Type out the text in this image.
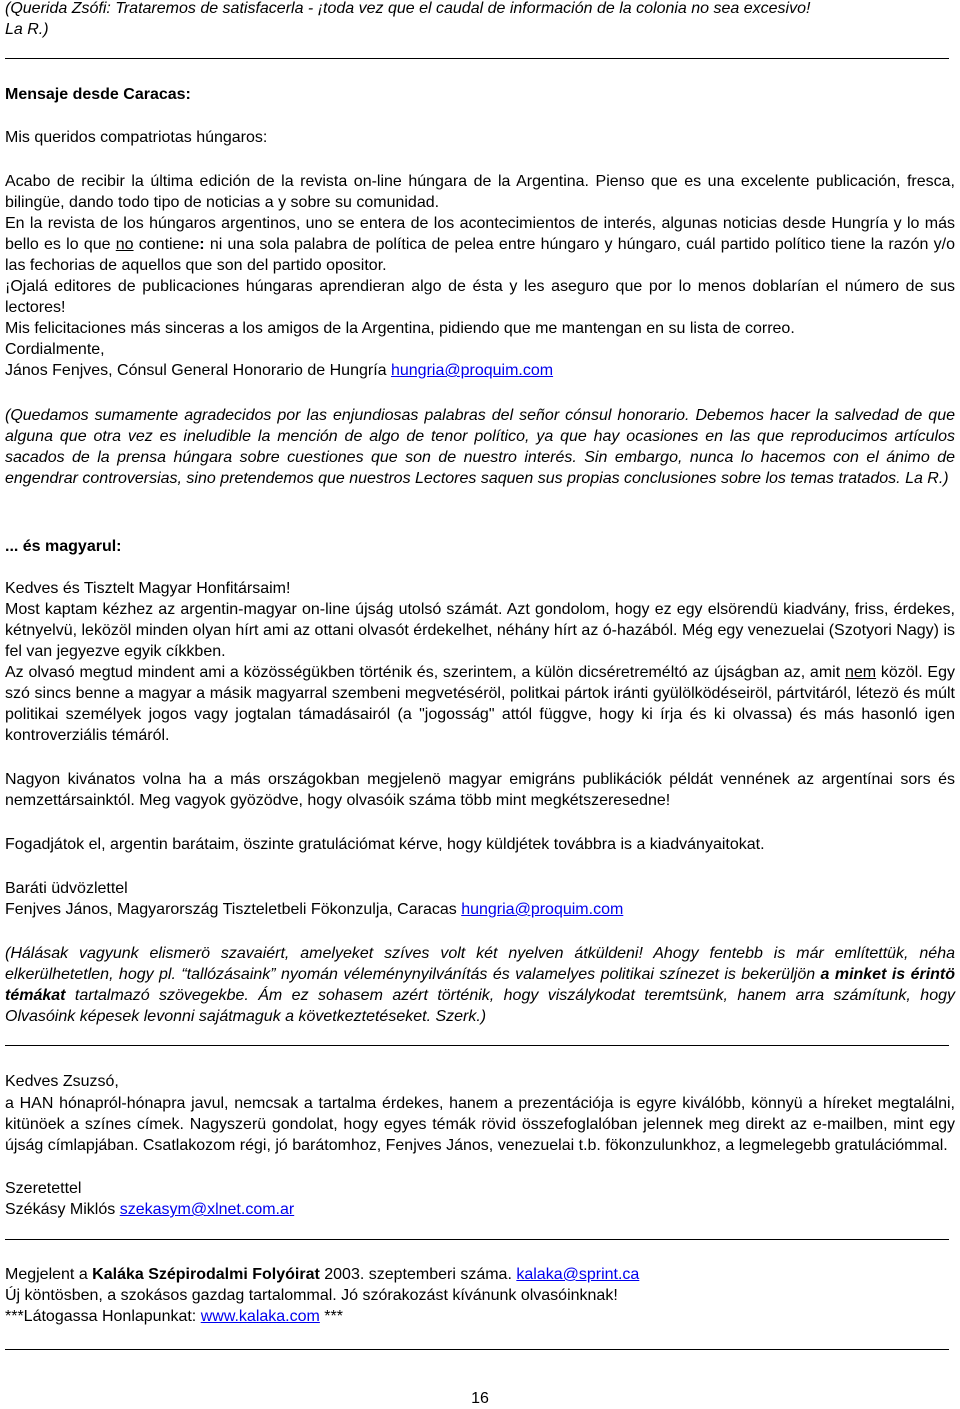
(Querida Zsófi: Trataremos de satisfacerla - ¡toda vez que el caudal de información de la colonia no sea excesivo!

La R.)

Mensaje desde Caracas:
Mis queridos compatriotas húngaros:

Acabo de recibir la última edición de la revista on-line húngara de la Argentina. Pienso que es una excelente publicación, fresca, bilingüe, dando todo tipo de noticias a y sobre su comunidad.

En la revista de los húngaros argentinos, uno se entera de los acontecimientos de interés, algunas noticias desde Hungría y lo más bello es lo que no contiene: ni una sola palabra de política de pelea entre húngaro y húngaro, cuál partido político tiene la razón y/o las fechorias de aquellos que son del partido opositor.

¡Ojalá editores de publicaciones húngaras aprendieran algo de ésta y les aseguro que por lo menos doblarían el número de sus lectores!

Mis felicitaciones más sinceras a los amigos de la Argentina, pidiendo que me mantengan en su lista de correo.

Cordialmente,

János Fenjves, Cónsul General Honorario de Hungría hungria@proquim.com

(Quedamos sumamente agradecidos por las enjundiosas palabras del señor cónsul honorario. Debemos hacer la salvedad de que alguna que otra vez es ineludible la mención de algo de tenor político, ya que hay ocasiones en las que reproducimos artículos sacados de la prensa húngara sobre cuestiones que son de nuestro interés. Sin embargo, nunca lo hacemos con el ánimo de engendrar controversias, sino pretendemos que nuestros Lectores saquen sus propias conclusiones sobre los temas tratados. La R.)
... és magyarul:

Kedves és Tisztelt Magyar Honfitársaim!

Most kaptam kézhez az argentin-magyar on-line újság utolsó számát. Azt gondolom, hogy ez egy elsörendü kiadvány, friss, érdekes, kétnyelvü, leközöl minden olyan hírt ami az ottani olvasót érdekelhet, néhány hírt az ó-hazából. Még egy venezuelai (Szotyori Nagy) is fel van jegyezve egyik cíkkben.

Az olvasó megtud mindent ami a közösségükben történik és, szerintem, a külön dicséretreméltó az újságban az, amit nem közöl. Egy szó sincs benne a magyar a másik magyarral szembeni megvetéséröl, politkai pártok iránti gyülölködéseiröl, pártvitáról, létezö és múlt politikai személyek jogos vagy jogtalan támadásairól (a "jogosság" attól függve, hogy ki írja és ki olvassa) és más hasonló igen kontroverziális témáról.

Nagyon kivánatos volna ha a más országokban megjelenö magyar emigráns publikációk példát vennének az argentínai sors és nemzettársainktól. Meg vagyok gyözödve, hogy olvasóik száma több mint megkétszeresedne!
Fogadjátok el, argentin barátaim, öszinte gratulációmat kérve, hogy küldjétek továbbra is a kiadványaitokat.

Baráti üdvözlettel

Fenjves János, Magyarország Tiszteletbeli Fökonzulja, Caracas hungria@proquim.com

(Hálásak vagyunk elismerö szavaiért, amelyeket szíves volt két nyelven átküldeni! Ahogy fentebb is már említettük, néha elkerülhetetlen, hogy pl. “tallózásaink” nyomán véleménynyilvánítás és valamelyes politikai színezet is bekerüljön a minket is érintö témákat tartalmazó szövegekbe. Ám ez sohasem azért történik, hogy viszálykodat teremtsünk, hanem arra számítunk, hogy Olvasóink képesek levonni sajátmaguk a következtetéseket. Szerk.)
Kedves Zsuzsó,
a HAN hónapról-hónapra javul, nemcsak a tartalma érdekes, hanem a prezentációja is egyre kiválóbb, könnyü a híreket megtalálni, kitünöek a színes címek. Nagyszerü gondolat, hogy egyes témák rövid összefoglalóban jelennek meg direkt az e-mailben, mint egy újság címlapjában. Csatlakozom régi, jó barátomhoz, Fenjves János, venezuelai t.b. fökonzulunkhoz, a legmelegebb gratulációmmal.

Szeretettel

Székásy Miklós szekasym@xlnet.com.ar

Megjelent a Kaláka Szépirodalmi Folyóirat 2003. szeptemberi száma. kalaka@sprint.ca

Új köntösben, a szokásos gazdag tartalommal. Jó szórakozást kívánunk olvasóinknak!

***Látogassa Honlapunkat: www.kalaka.com ***

16
